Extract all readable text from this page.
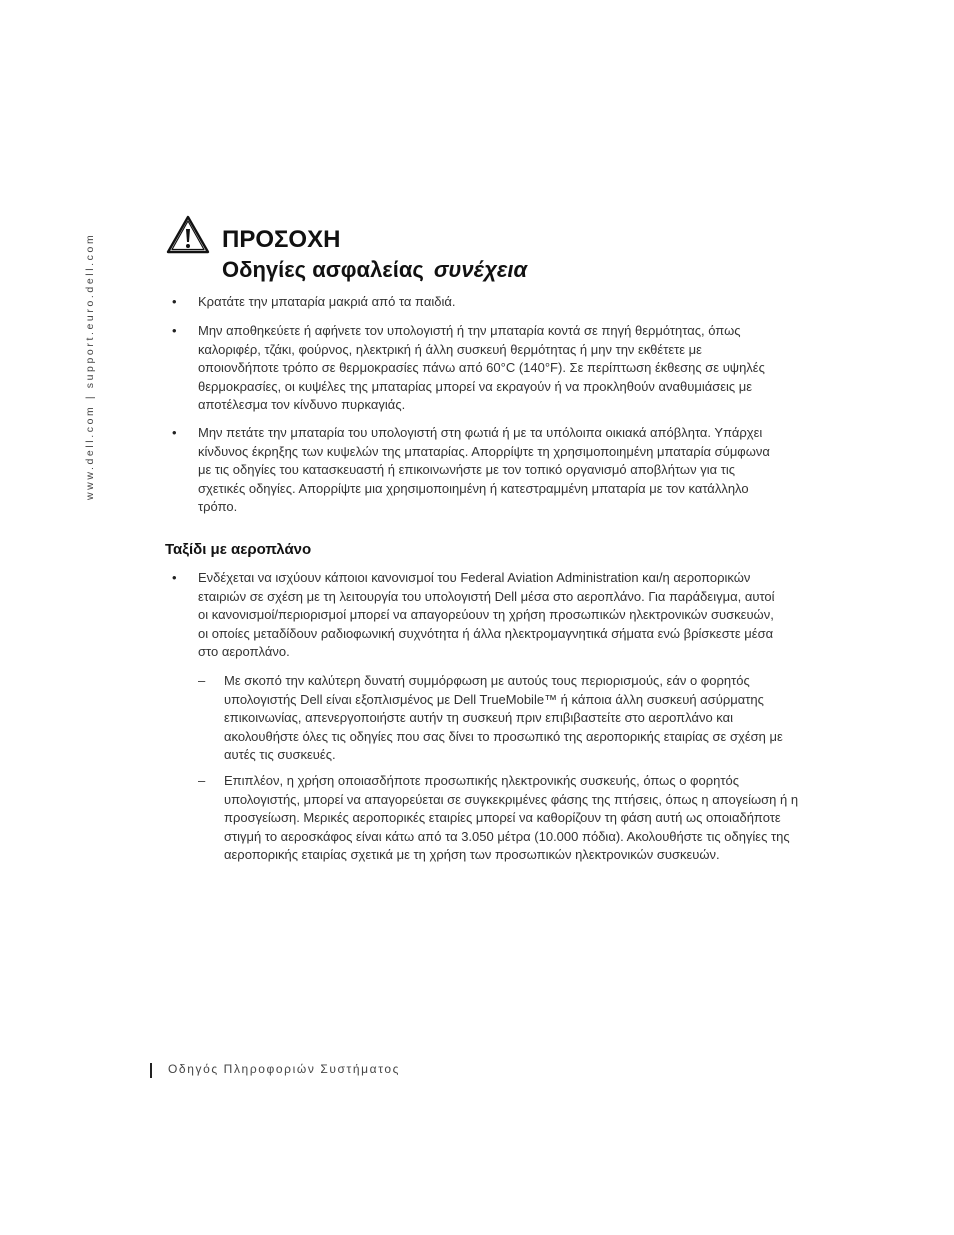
www.dell.com | support.euro.dell.com	ΠΡΟΣΟΧΗ
Οδηγίες ασφαλείας συνέχεια
• Κρατάτε την μπαταρία μακριά από τα παιδιά.
• Μην αποθηκεύετε ή αφήνετε τον υπολογιστή ή την μπαταρία κοντά σε πηγή θερμότητας, όπως καλοριφέρ, τζάκι, φούρνος, ηλεκτρική ή άλλη συσκευή θερμότητας ή μην την εκθέτετε με οποιονδήποτε τρόπο σε θερμοκρασίες πάνω από 60°C (140°F). Σε περίπτωση έκθεσης σε υψηλές θερμοκρασίες, οι κυψέλες της μπαταρίας μπορεί να εκραγούν ή να προκληθούν αναθυμιάσεις με αποτέλεσμα τον κίνδυνο πυρκαγιάς.
• Μην πετάτε την μπαταρία του υπολογιστή στη φωτιά ή με τα υπόλοιπα οικιακά απόβλητα. Υπάρχει κίνδυνος έκρηξης των κυψελών της μπαταρίας. Απορρίψτε τη χρησιμοποιημένη μπαταρία σύμφωνα με τις οδηγίες του κατασκευαστή ή επικοινωνήστε με τον τοπικό οργανισμό αποβλήτων για τις σχετικές οδηγίες. Απορρίψτε μια χρησιμοποιημένη ή κατεστραμμένη μπαταρία με τον κατάλληλο τρόπο.
Ταξίδι με αεροπλάνο
• Ενδέχεται να ισχύουν κάποιοι κανονισμοί του Federal Aviation Administration και/η αεροπορικών εταιριών σε σχέση με τη λειτουργία του υπολογιστή Dell μέσα στο αεροπλάνο. Για παράδειγμα, αυτοί οι κανονισμοί/περιορισμοί μπορεί να απαγορεύουν τη χρήση προσωπικών ηλεκτρονικών συσκευών, οι οποίες μεταδίδουν ραδιοφωνική συχνότητα ή άλλα ηλεκτρομαγνητικά σήματα ενώ βρίσκεστε μέσα στο αεροπλάνο.
– Με σκοπό την καλύτερη δυνατή συμμόρφωση με αυτούς τους περιορισμούς, εάν ο φορητός υπολογιστής Dell είναι εξοπλισμένος με Dell TrueMobile™ ή κάποια άλλη συσκευή ασύρματης επικοινωνίας, απενεργοποιήστε αυτήν τη συσκευή πριν επιβιβαστείτε στο αεροπλάνο και ακολουθήστε όλες τις οδηγίες που σας δίνει το προσωπικό της αεροπορικής εταιρίας σε σχέση με αυτές τις συσκευές.
– Επιπλέον, η χρήση οποιασδήποτε προσωπικής ηλεκτρονικής συσκευής, όπως ο φορητός υπολογιστής, μπορεί να απαγορεύεται σε συγκεκριμένες φάσης της πτήσεις, όπως η απογείωση ή η προσγείωση. Μερικές αεροπορικές εταιρίες μπορεί να καθορίζουν τη φάση αυτή ως οποιαδήποτε στιγμή το αεροσκάφος είναι κάτω από τα 3.050 μέτρα (10.000 πόδια). Ακολουθήστε τις οδηγίες της αεροπορικής εταιρίας σχετικά με τη χρήση των προσωπικών ηλεκτρονικών συσκευών.
Οδηγός Πληροφοριών Συστήματος
